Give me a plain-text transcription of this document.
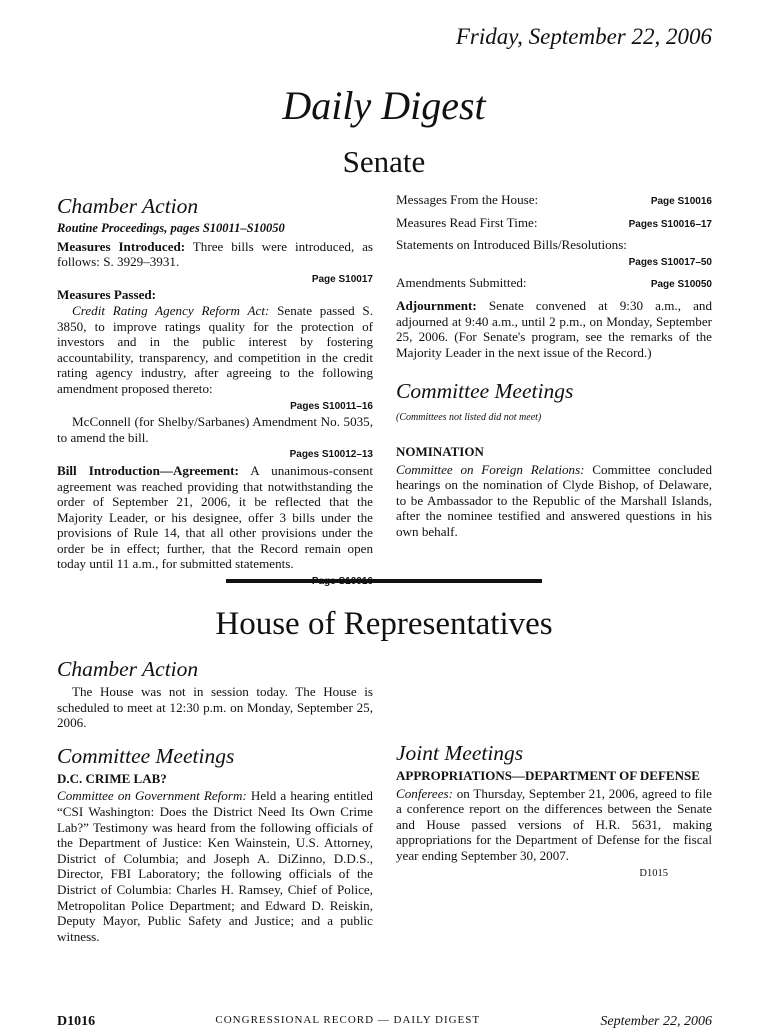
Friday, September 22, 2006
Daily Digest
Senate
Chamber Action
Routine Proceedings, pages S10011–S10050

Measures Introduced: Three bills were introduced, as follows: S. 3929–3931.

Page S10017

Measures Passed:

Credit Rating Agency Reform Act: Senate passed S. 3850, to improve ratings quality for the protection of investors and in the public interest by fostering accountability, transparency, and competition in the credit rating agency industry, after agreeing to the following amendment proposed thereto:

Pages S10011–16

McConnell (for Shelby/Sarbanes) Amendment No. 5035, to amend the bill.

Pages S10012–13

Bill Introduction—Agreement: A unanimous-consent agreement was reached providing that notwithstanding the order of September 21, 2006, it be reflected that the Majority Leader, or his designee, offer 3 bills under the provisions of Rule 14, that all other provisions under the order be in effect; further, that the Record remain open today until 11 a.m., for submitted statements.

Messages From the House:	Page S10016
Measures Read First Time:	Pages S10016–17
Statements on Introduced Bills/Resolutions:
Pages S10017–50
Amendments Submitted:	Page S10050

Adjournment: Senate convened at 9:30 a.m., and adjourned at 9:40 a.m., until 2 p.m., on Monday, September 25, 2006. (For Senate's program, see the remarks of the Majority Leader in the next issue of the Record.)

Committee Meetings
(Committees not listed did not meet)
NOMINATION

Committee on Foreign Relations: Committee concluded hearings on the nomination of Clyde Bishop, of Delaware, to be Ambassador to the Republic of the Marshall Islands, after the nominee testified and answered questions in his own behalf.

House of Representatives
Chamber Action

The House was not in session today. The House is scheduled to meet at 12:30 p.m. on Monday, September 25, 2006.

Committee Meetings
D.C. CRIME LAB?

Committee on Government Reform: Held a hearing entitled “CSI Washington: Does the District Need Its Own Crime Lab?” Testimony was heard from the following officials of the Department of Justice: Ken Wainstein, U.S. Attorney, District of Columbia; and Joseph A. DiZinno, D.D.S., Director, FBI Laboratory; the following officials of the District of Columbia: Charles H. Ramsey, Chief of Police, Metropolitan Police Department; and Edward D. Reiskin, Deputy Mayor, Public Safety and Justice; and a public witness.

Joint Meetings
APPROPRIATIONS—DEPARTMENT OF DEFENSE

Conferees: on Thursday, September 21, 2006, agreed to file a conference report on the differences between the Senate and House passed versions of H.R. 5631, making appropriations for the Department of Defense for the fiscal year ending September 30, 2007.

D1015
D1016	CONGRESSIONAL RECORD — DAILY DIGEST	September 22, 2006
